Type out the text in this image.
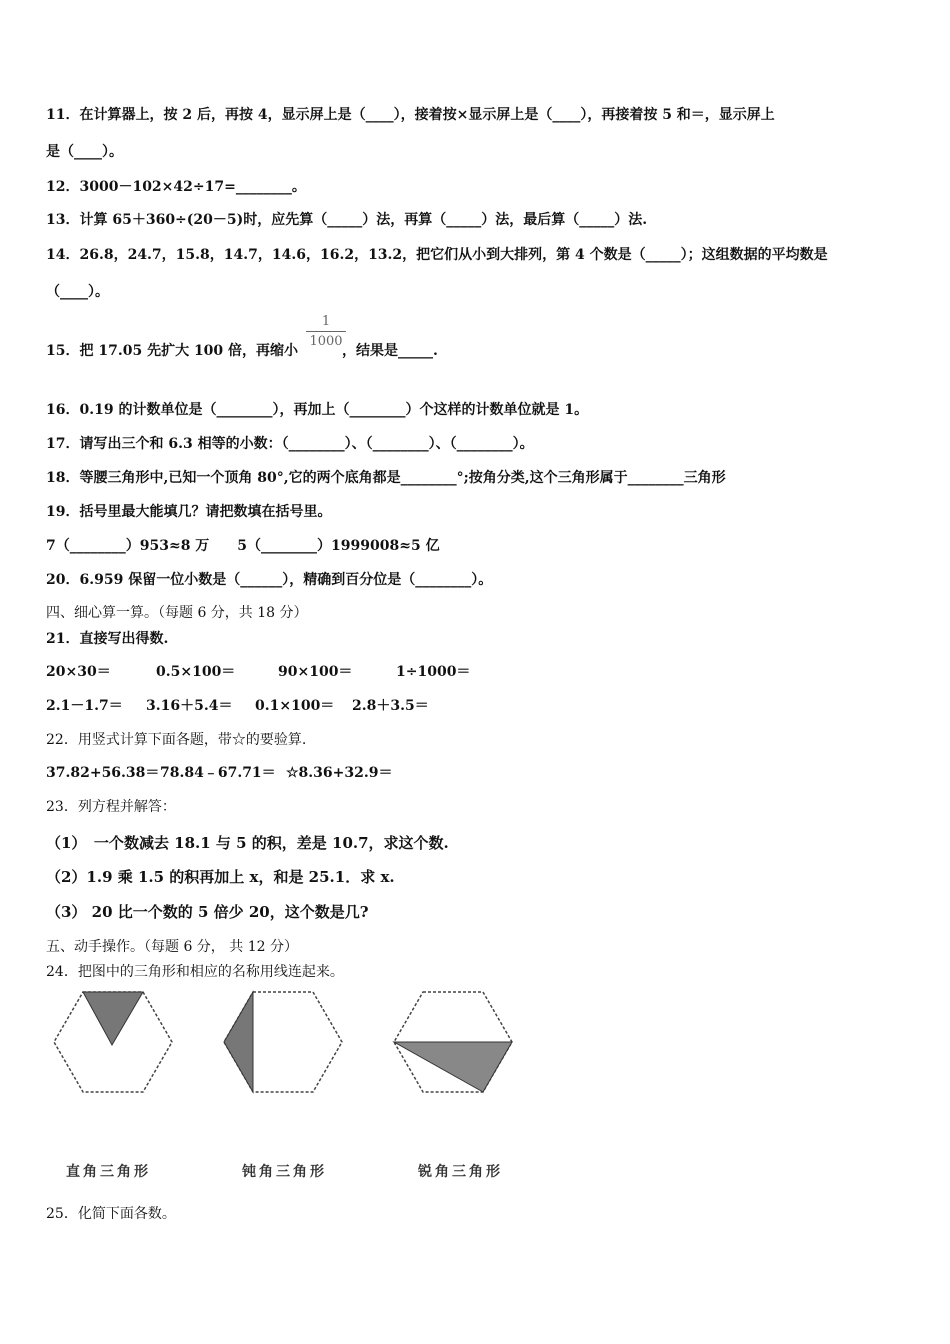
11．在计算器上，按 2 后，再按 4，显示屏上是（____），接着按×显示屏上是（____），再接着按 5 和＝，显示屏上
是（____）。
12．3000－102×42÷17=________。
13．计算 65＋360÷(20－5)时，应先算（_____）法，再算（_____）法，最后算（_____）法.
14．26.8，24.7，15.8，14.7，14.6，16.2，13.2，把它们从小到大排列，第 4 个数是（_____）；这组数据的平均数是
（____）。
15．把 17.05 先扩大 100 倍，再缩小	，结果是_____.
1
1000
16．0.19 的计数单位是（________），再加上（________）个这样的计数单位就是 1。
17．请写出三个和 6.3 相等的小数：（________）、（________）、（________）。
18．等腰三角形中,已知一个顶角 80°,它的两个底角都是________°;按角分类,这个三角形属于________三角形
19．括号里最大能填几？请把数填在括号里。
7（________）953≈8 万　　5（________）1999008≈5 亿
20．6.959 保留一位小数是（______），精确到百分位是（________）。
四、细心算一算。（每题 6 分，共 18 分）
21．直接写出得数.
20×30＝	0.5×100＝	90×100＝	1÷1000＝
2.1－1.7＝ 3.16＋5.4＝ 0.1×100＝ 2.8＋3.5＝
22．用竖式计算下面各题，带☆的要验算.
37.82+56.38＝ 78.84﹣67.71＝ ☆8.36+32.9＝
23．列方程并解答：
（1）　一个数减去 18.1 与 5 的积，差是 10.7，求这个数.
（2）1.9 乘 1.5 的积再加上 x，和是 25.1．求 x.
（3） 20 比一个数的 5 倍少 20，这个数是几?
五、动手操作。（每题 6 分， 共 12 分）
24．把图中的三角形和相应的名称用线连起来。
直角三角形	钝角三角形	锐角三角形
25．化简下面各数。
